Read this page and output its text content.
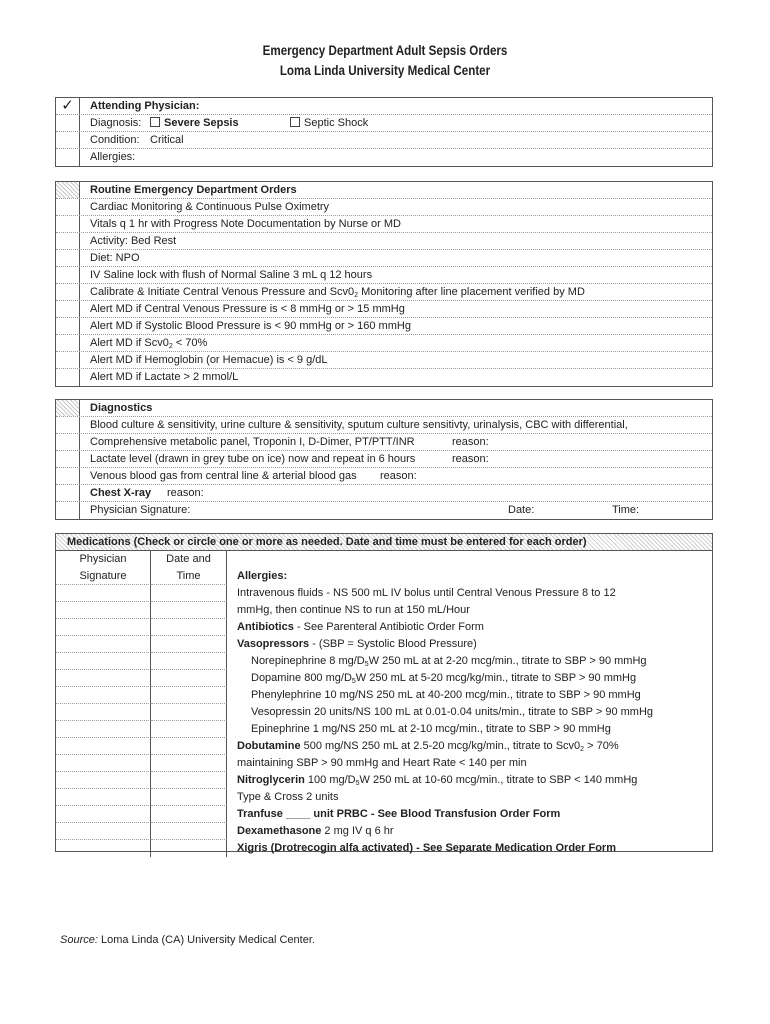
Emergency Department Adult Sepsis Orders
Loma Linda University Medical Center
✓	Attending Physician:
Diagnosis:	Severe Sepsis	Septic Shock
Condition: Critical
Allergies:
Routine Emergency Department Orders
Cardiac Monitoring & Continuous Pulse Oximetry
Vitals q 1 hr with Progress Note Documentation by Nurse or MD
Activity: Bed Rest
Diet: NPO
IV Saline lock with flush of Normal Saline 3 mL q 12 hours
Calibrate & Initiate Central Venous Pressure and $Scv0_2$ Monitoring after line placement verified by MD
Alert MD if Central Venous Pressure is < 8 mmHg or > 15 mmHg
Alert MD if Systolic Blood Pressure is < 90 mmHg or > 160 mmHg
Alert MD if $Scv0_2 < 70\%$
Alert MD if Hemoglobin (or Hemacue) is < 9 g/dL
Alert MD if Lactate > 2 mmol/L
Diagnostics
Blood culture & sensitivity, urine culture & sensitivity, sputum culture sensitivty, urinalysis, CBC with differential,
Comprehensive metabolic panel, Troponin I, D-Dimer, PT/PTT/INR	reason:
Lactate level (drawn in grey tube on ice) now and repeat in 6 hours	reason:
Venous blood gas from central line & arterial blood gas reason:
Chest X-ray reason:
Physician Signature:	Date:	Time:
Medications (Check or circle one or more as needed. Date and time must be entered for each order)
Physician	Date and
Signature	Time	Allergies:
Intravenous fluids - NS 500 mL IV bolus until Central Venous Pressure 8 to 12
mmHg, then continue NS to run at 150 mL/Hour
Antibiotics - See Parenteral Antibiotic Order Form
Vasopressors - (SBP = Systolic Blood Pressure)
Norepinephrine 8 $mg/D_5W$ 250 mL at at 2-20 mcg/min., titrate to SBP > 90 mmHg
Dopamine 800 $mg/D_5W$ 250 mL at 5-20 mcg/kg/min., titrate to SBP > 90 mmHg
Phenylephrine 10 mg/NS 250 mL at 40-200 mcg/min., titrate to SBP > 90 mmHg
Vesopressin 20 units/NS 100 mL at 0.01-0.04 units/min., titrate to SBP > 90 mmHg
Epinephrine 1 mg/NS 250 mL at 2-10 mcg/min., titrate to SBP > 90 mmHg
Dobutamine 500 mg/NS 250 mL at 2.5-20 mcg/kg/min., titrate to $Scv0_2 > 70\%$
maintaining SBP > 90 mmHg and Heart Rate < 140 per min
Nitroglycerin 100 $mg/D_5W$ 250 mL at 10-60 mcg/min., titrate to SBP < 140 mmHg
Type & Cross 2 units
Tranfuse ____ unit PRBC - See Blood Transfusion Order Form
Dexamethasone 2 mg IV q 6 hr
Xigris (Drotrecogin alfa activated) - See Separate Medication Order Form
Source: Loma Linda (CA) University Medical Center.
